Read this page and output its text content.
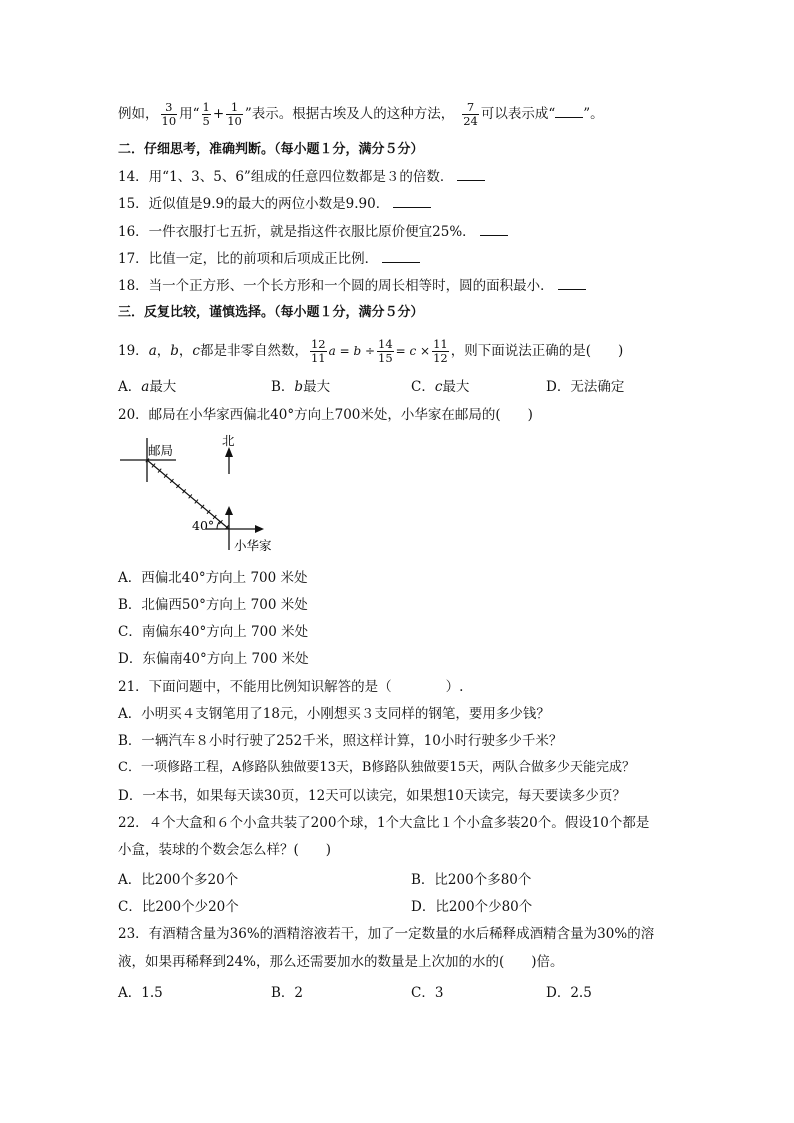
例如， $\frac{3}{10}$ 用“ $\frac{1}{5} + \frac{1}{10}$ ”表示。根据古埃及人的这种方法， $\frac{7}{24}$ 可以表示成“ ”。
二．仔细思考，准确判断。（每小题１分，满分５分）
14．用“1、3、5、6”组成的任意四位数都是３的倍数．
15．近似值是9.9的最大的两位小数是9.90．
16．一件衣服打七五折，就是指这件衣服比原价便宜25%．
17．比值一定，比的前项和后项成正比例．
18．当一个正方形、一个长方形和一个圆的周长相等时，圆的面积最小．
三．反复比较，谨慎选择。（每小题１分，满分５分）
19．a，b，c都是非零自然数， $\frac{12}{11}$ $a = b \div \frac{14}{15} = c \times \frac{11}{12}$ ，则下面说法正确的是(　　)
A．a最大	B．b最大	C．c最大	D．无法确定
20．邮局在小华家西偏北40°方向上700米处，小华家在邮局的(　　)
邮局
北
40°
小华家
A．西偏北40°方向上 700 米处
B．北偏西50°方向上 700 米处
C．南偏东40°方向上 700 米处
D．东偏南40°方向上 700 米处
21．下面问题中，不能用比例知识解答的是（　　　　）.
A．小明买４支钢笔用了18元，小刚想买３支同样的钢笔，要用多少钱？
B．一辆汽车８小时行驶了252千米，照这样计算，10小时行驶多少千米？
C．一项修路工程，A修路队独做要13天，B修路队独做要15天，两队合做多少天能完成？
D．一本书，如果每天读30页，12天可以读完，如果想10天读完，每天要读多少页？
22．４个大盒和６个小盒共装了200个球，1个大盒比１个小盒多装20个。假设10个都是
小盒，装球的个数会怎么样？(　　)
A．比200个多20个	B．比200个多80个
C．比200个少20个	D．比200个少80个
23．有酒精含量为36%的酒精溶液若干，加了一定数量的水后稀释成酒精含量为30%的溶
液，如果再稀释到24%，那么还需要加水的数量是上次加的水的(　　)倍。
A．1.5	B．2	C．3	D．2.5
